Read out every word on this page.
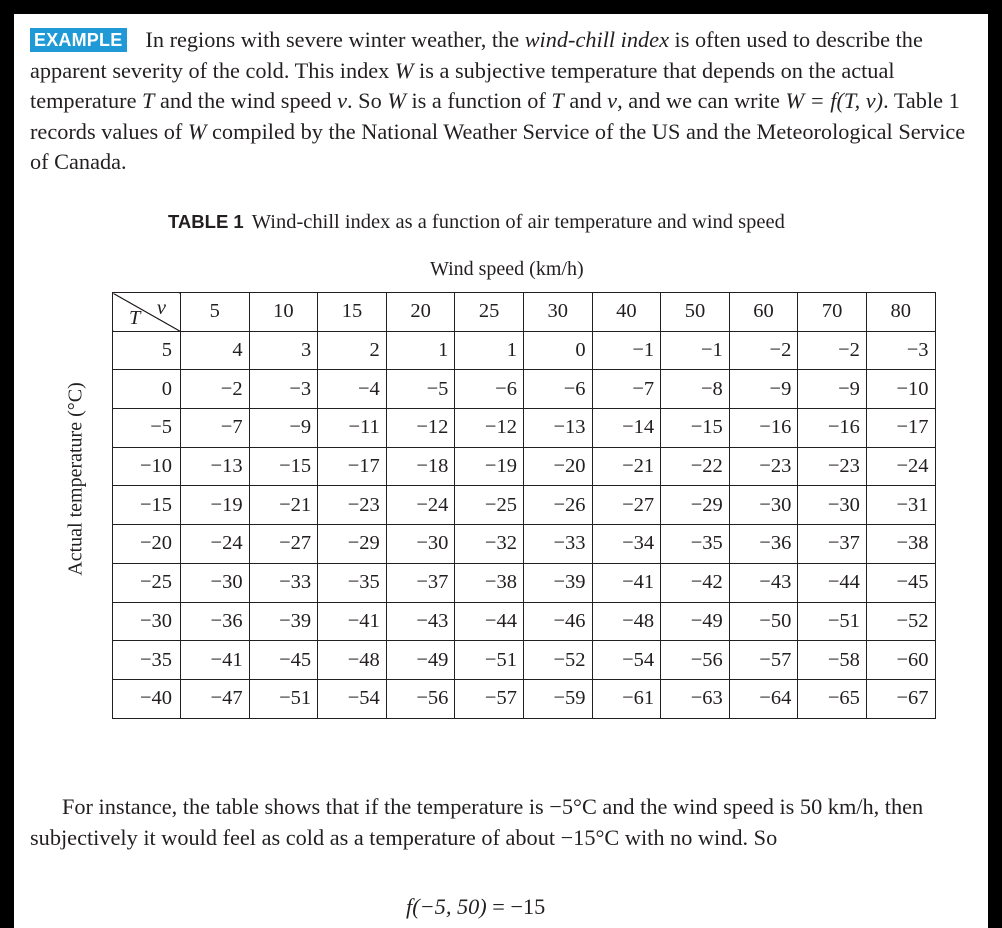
EXAMPLE In regions with severe winter weather, the wind-chill index is often used to describe the apparent severity of the cold. This index W is a subjective temperature that depends on the actual temperature T and the wind speed v. So W is a function of T and v, and we can write W = f(T, v). Table 1 records values of W compiled by the National Weather Service of the US and the Meteorological Service of Canada.

TABLE 1 Wind-chill index as a function of air temperature and wind speed
Wind speed (km/h)
Actual temperature (°C)
v
T	5	10	15	20	25	30	40	50	60	70	80
5	4	3	2	1	1	0	−1	−1	−2	−2	−3
0	−2	−3	−4	−5	−6	−6	−7	−8	−9	−9	−10
−5	−7	−9	−11	−12	−12	−13	−14	−15	−16	−16	−17
−10	−13	−15	−17	−18	−19	−20	−21	−22	−23	−23	−24
−15	−19	−21	−23	−24	−25	−26	−27	−29	−30	−30	−31
−20	−24	−27	−29	−30	−32	−33	−34	−35	−36	−37	−38
−25	−30	−33	−35	−37	−38	−39	−41	−42	−43	−44	−45
−30	−36	−39	−41	−43	−44	−46	−48	−49	−50	−51	−52
−35	−41	−45	−48	−49	−51	−52	−54	−56	−57	−58	−60
−40	−47	−51	−54	−56	−57	−59	−61	−63	−64	−65	−67

For instance, the table shows that if the temperature is −5°C and the wind speed is 50 km/h, then subjectively it would feel as cold as a temperature of about −15°C with no wind. So

f(−5, 50) = −15
